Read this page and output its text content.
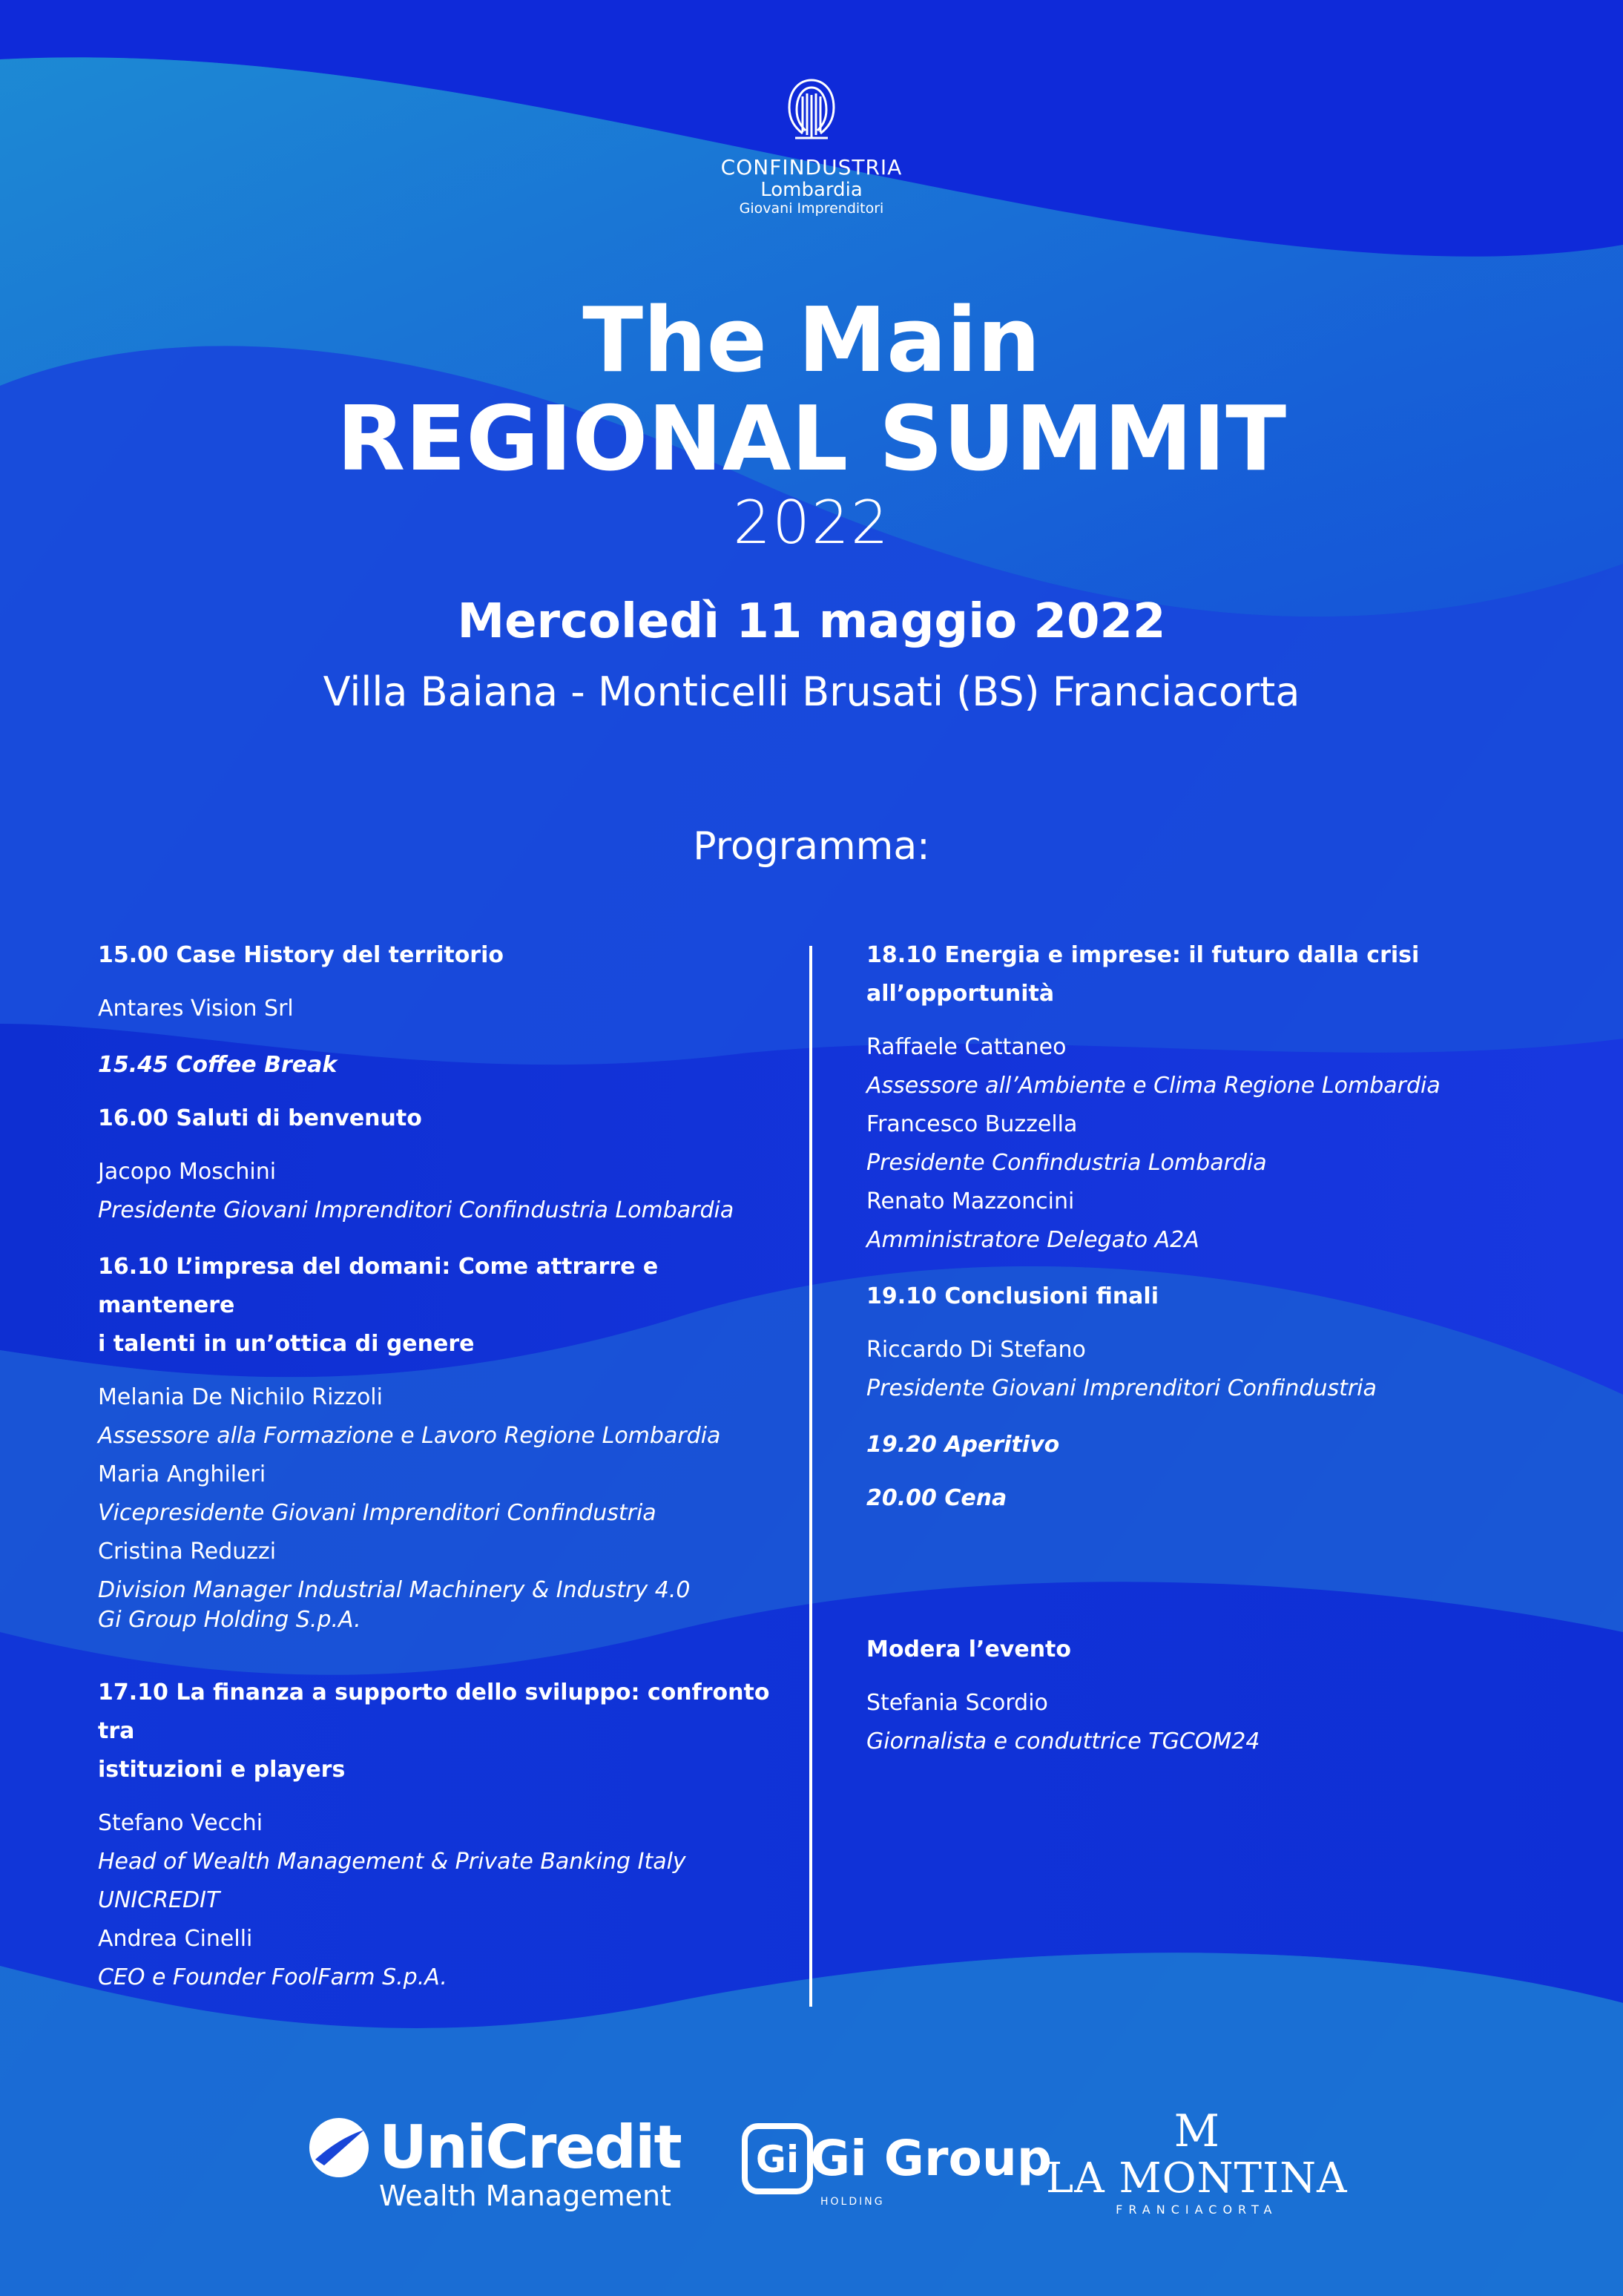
CONFINDUSTRIA
Lombardia
Giovani Imprenditori
The Main
REGIONAL SUMMIT
2022
Mercoledì 11 maggio 2022
Villa Baiana - Monticelli Brusati (BS) Franciacorta
Programma:
15.00 Case History del territorio
Antares Vision Srl
15.45 Coffee Break
16.00 Saluti di benvenuto
Jacopo Moschini
Presidente Giovani Imprenditori Confindustria Lombardia
16.10 L’impresa del domani: Come attrarre e mantenere
i talenti in un’ottica di genere
Melania De Nichilo Rizzoli
Assessore alla Formazione e Lavoro Regione Lombardia
Maria Anghileri
Vicepresidente Giovani Imprenditori Confindustria
Cristina Reduzzi
Division Manager Industrial Machinery & Industry 4.0
Gi Group Holding S.p.A.
17.10 La finanza a supporto dello sviluppo: confronto tra
istituzioni e players
Stefano Vecchi
Head of Wealth Management & Private Banking Italy UNICREDIT
Andrea Cinelli
CEO e Founder FoolFarm S.p.A.
18.10 Energia e imprese: il futuro dalla crisi all’opportunità
Raffaele Cattaneo
Assessore all’Ambiente e Clima Regione Lombardia
Francesco Buzzella
Presidente Confindustria Lombardia
Renato Mazzoncini
Amministratore Delegato A2A
19.10 Conclusioni finali
Riccardo Di Stefano
Presidente Giovani Imprenditori Confindustria
19.20 Aperitivo
20.00 Cena
Modera l’evento
Stefania Scordio
Giornalista e conduttrice TGCOM24
UniCredit
Wealth Management
Gi Gi Group
HOLDING
M
LA MONTINA
FRANCIACORTA
